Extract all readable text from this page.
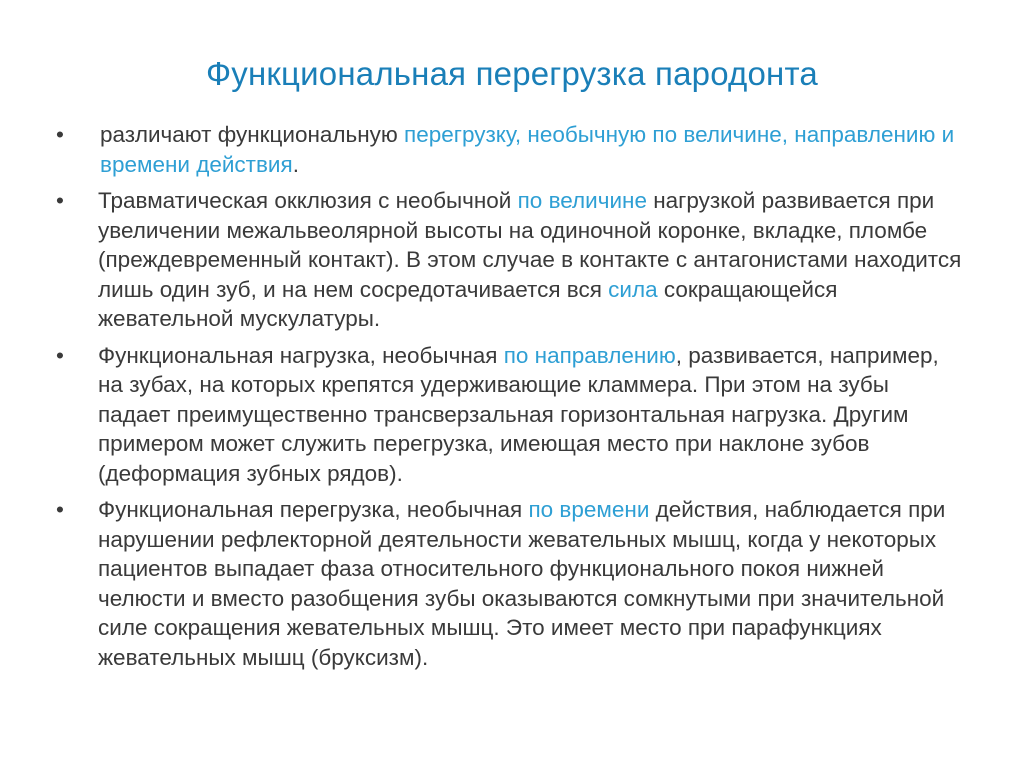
Функциональная перегрузка пародонта
•	различают функциональную перегрузку, необычную по величине, направлению и времени действия.
•	Травматическая окклюзия с необычной по величине нагрузкой развивается при увеличении межальвеолярной высоты на одиночной коронке, вкладке, пломбе (преждевременный контакт). В этом случае в контакте с антагонистами находится лишь один зуб, и на нем сосредотачивается вся сила сокращающейся жевательной мускулатуры.
•	Функциональная нагрузка, необычная по направлению, развивается, например, на зубах, на которых крепятся удерживающие кламмера. При этом на зубы падает преимущественно трансверзальная горизонтальная нагрузка. Другим примером может служить перегрузка, имеющая место при наклоне зубов (деформация зубных рядов).
•	Функциональная перегрузка, необычная по времени действия, наблюдается при нарушении рефлекторной деятельности жевательных мышц, когда у некоторых пациентов выпадает фаза относительного функционального покоя нижней челюсти и вместо разобщения зубы оказываются сомкнутыми при значительной силе сокращения жевательных мышц. Это имеет место при парафункциях жевательных мышц (бруксизм).
